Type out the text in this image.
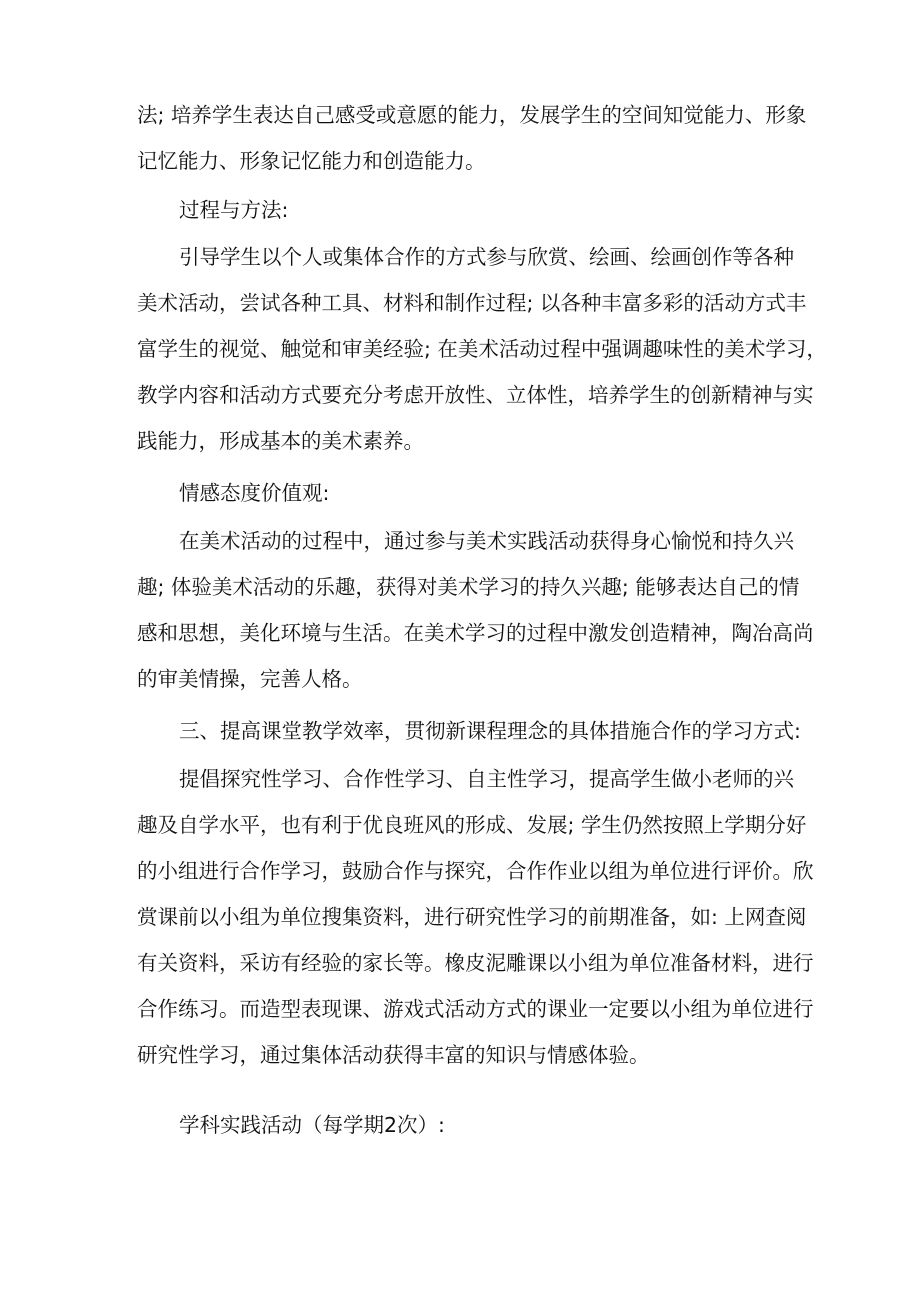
法; 培养学生表达自己感受或意愿的能力，发展学生的空间知觉能力、形象
记忆能力、形象记忆能力和创造能力。
过程与方法:
引导学生以个人或集体合作的方式参与欣赏、绘画、绘画创作等各种
美术活动，尝试各种工具、材料和制作过程; 以各种丰富多彩的活动方式丰
富学生的视觉、触觉和审美经验; 在美术活动过程中强调趣味性的美术学习，
教学内容和活动方式要充分考虑开放性、立体性，培养学生的创新精神与实
践能力，形成基本的美术素养。
情感态度价值观:
在美术活动的过程中，通过参与美术实践活动获得身心愉悦和持久兴
趣; 体验美术活动的乐趣，获得对美术学习的持久兴趣; 能够表达自己的情
感和思想，美化环境与生活。在美术学习的过程中激发创造精神，陶冶高尚
的审美情操，完善人格。
三、提高课堂教学效率，贯彻新课程理念的具体措施合作的学习方式:
提倡探究性学习、合作性学习、自主性学习，提高学生做小老师的兴
趣及自学水平，也有利于优良班风的形成、发展; 学生仍然按照上学期分好
的小组进行合作学习，鼓励合作与探究，合作作业以组为单位进行评价。欣
赏课前以小组为单位搜集资料，进行研究性学习的前期准备，如: 上网查阅
有关资料，采访有经验的家长等。橡皮泥雕课以小组为单位准备材料，进行
合作练习。而造型表现课、游戏式活动方式的课业一定要以小组为单位进行
研究性学习，通过集体活动获得丰富的知识与情感体验。
学科实践活动（每学期2次）:
